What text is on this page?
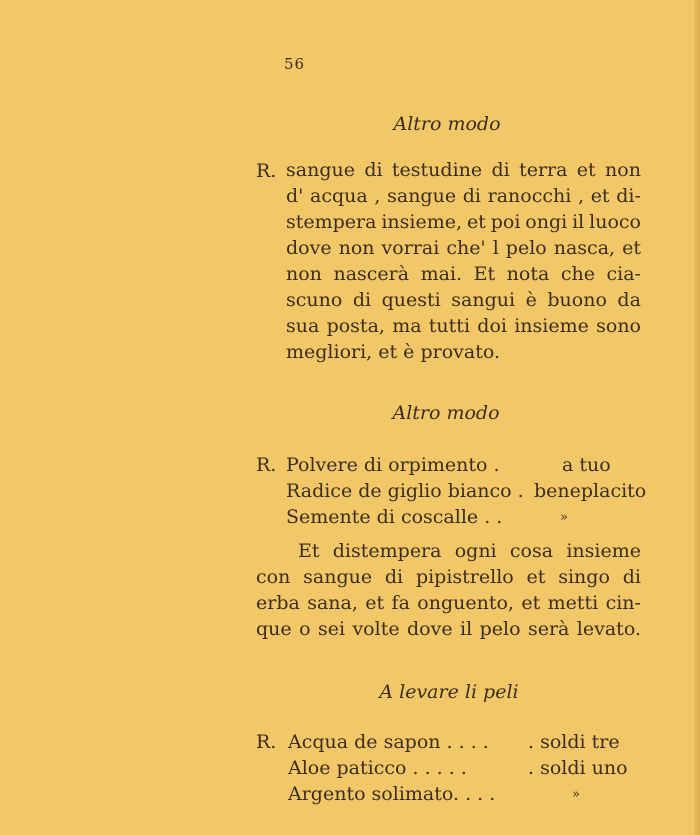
56
Altro modo
R. sangue di testudine di terra et non
d' acqua , sangue di ranocchi , et di-
stempera insieme, et poi ongi il luoco
dove non vorrai che' l pelo nasca, et
non nascerà mai. Et nota che cia-
scuno di questi sangui è buono da
sua posta, ma tutti doi insieme sono
megliori, et è provato.
Altro modo
R. Polvere di orpimento .	a tuo
Radice de giglio bianco . beneplacito
Semente di coscalle . .	»
Et distempera ogni cosa insieme
con sangue di pipistrello et singo di
erba sana, et fa onguento, et metti cin-
que o sei volte dove il pelo serà levato.
A levare li peli
R. Acqua de sapon . . . . . soldi tre
Aloe paticco . . . . .	. soldi uno
Argento solimato. . . .	»
